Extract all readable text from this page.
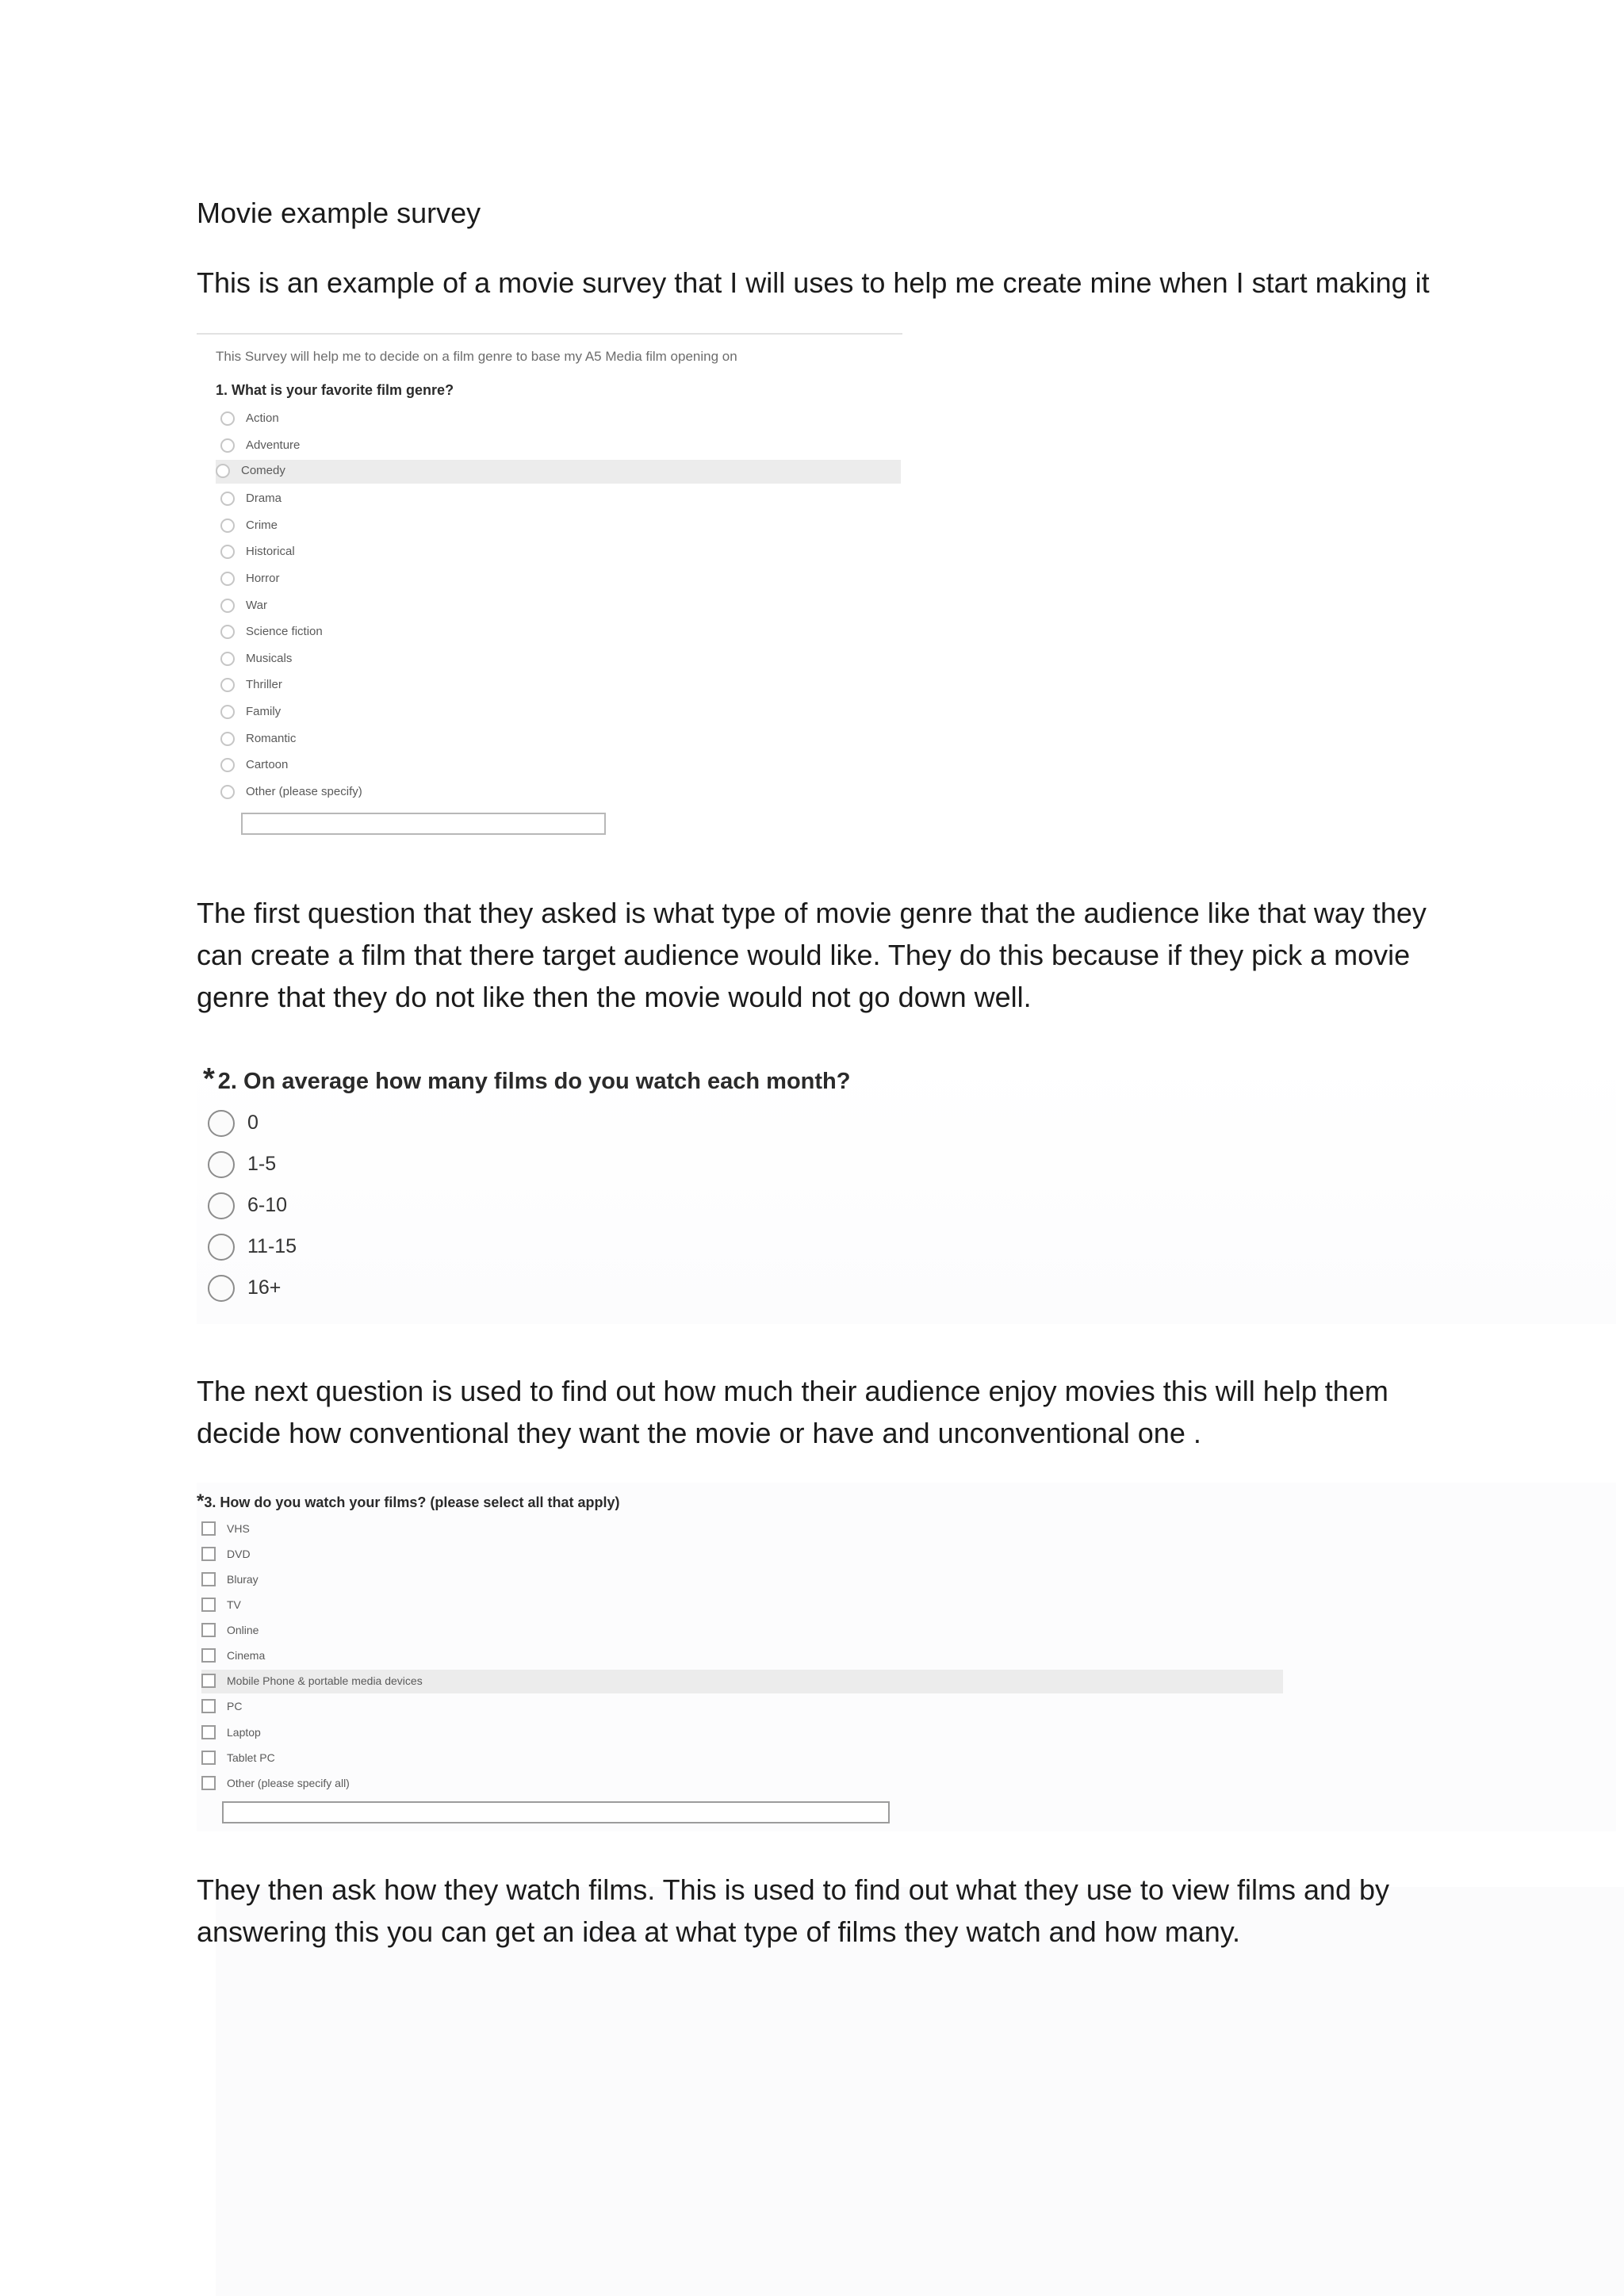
Movie example survey

This is an example of a movie survey that I will uses to help me create mine when I start making it

This Survey will help me to decide on a film genre to base my A5 Media film opening on
1. What is your favorite film genre?
Action
Adventure
Comedy
Drama
Crime
Historical
Horror
War
Science fiction
Musicals
Thriller
Family
Romantic
Cartoon
Other (please specify)

The first question that they asked is what type of movie genre that the audience like that way they can create a film that there target audience would like. They do this because if they pick a movie genre that they do not like then the movie would not go down well.

* 2. On average how many films do you watch each month?
0
1-5
6-10
11-15
16+

The next question is used to find out how much their audience enjoy movies this will help them decide how conventional they want the movie or have and unconventional one .

*3. How do you watch your films? (please select all that apply)
VHS
DVD
Bluray
TV
Online
Cinema
Mobile Phone & portable media devices
PC
Laptop
Tablet PC
Other (please specify all)

They then ask how they watch films. This is used to find out what they use to view films and by answering this you can get an idea at what type of films they watch and how many.
